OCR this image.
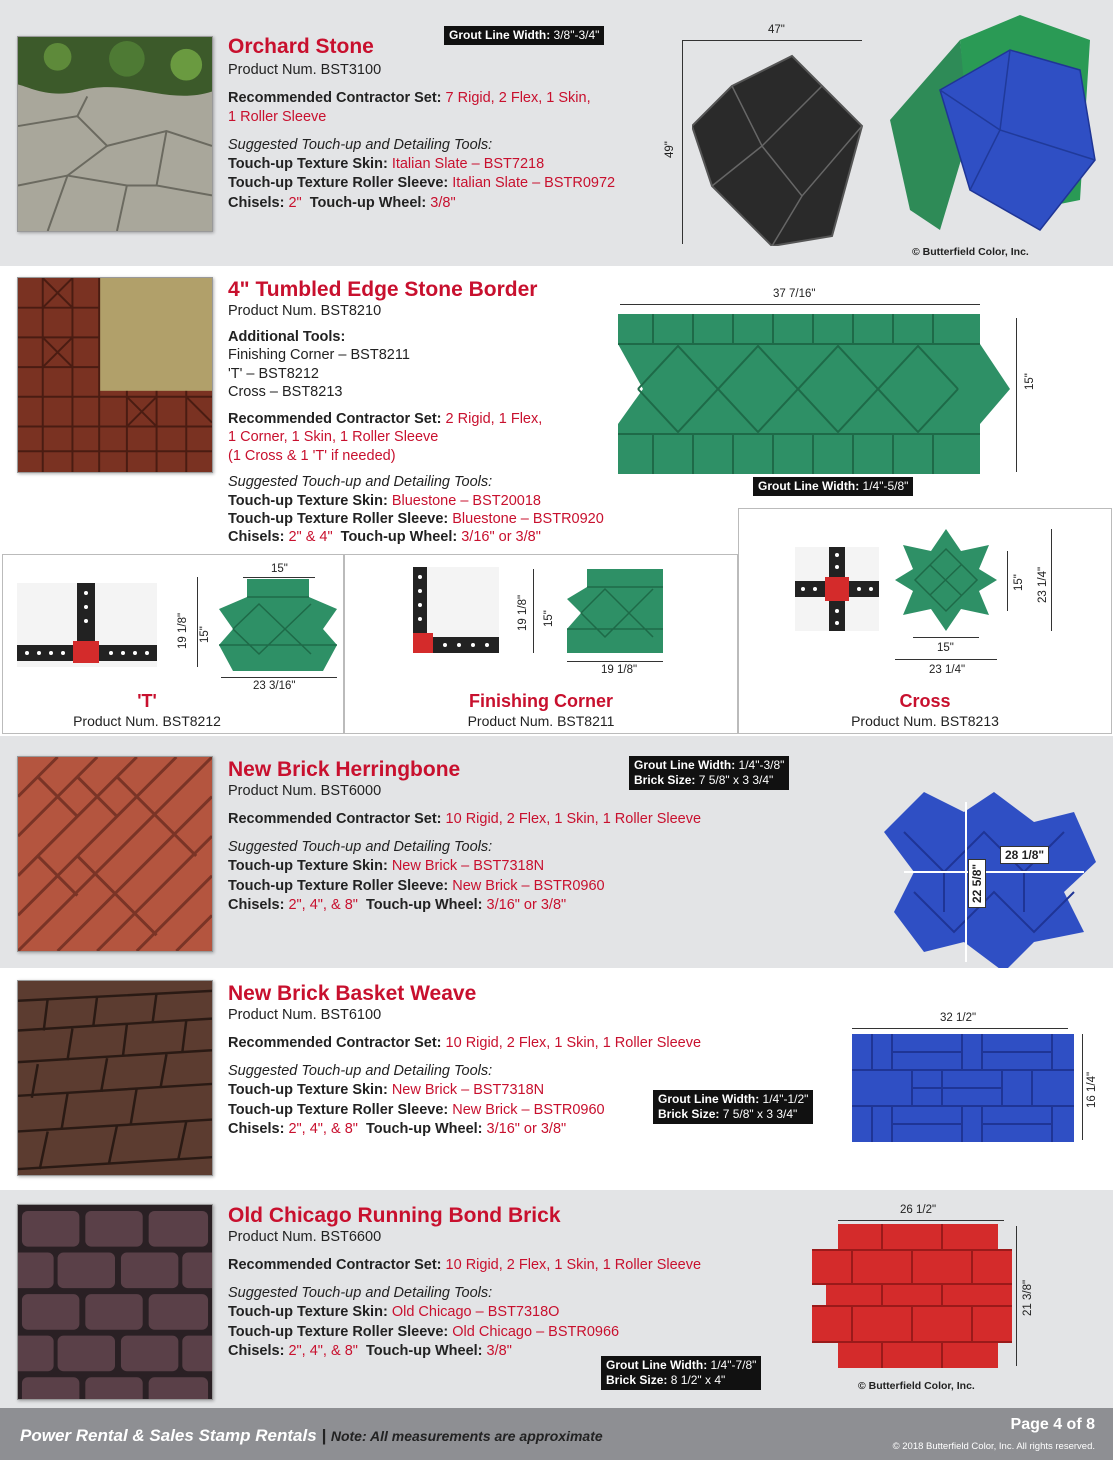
Orchard Stone
Product Num. BST3100
Recommended Contractor Set: 7 Rigid, 2 Flex, 1 Skin,
1 Roller Sleeve
Suggested Touch-up and Detailing Tools:
Touch-up Texture Skin: Italian Slate – BST7218
Touch-up Texture Roller Sleeve: Italian Slate – BSTR0972
Chisels: 2" Touch-up Wheel: 3/8"
Grout Line Width: 3/8"-3/4"	47"
49"
© Butterfield Color, Inc.
4" Tumbled Edge Stone Border
Product Num. BST8210
Additional Tools:
Finishing Corner – BST8211
'T' – BST8212
Cross – BST8213
Recommended Contractor Set: 2 Rigid, 1 Flex,
1 Corner, 1 Skin, 1 Roller Sleeve
(1 Cross & 1 'T' if needed)
Suggested Touch-up and Detailing Tools:
Touch-up Texture Skin: Bluestone – BST20018
Touch-up Texture Roller Sleeve: Bluestone – BSTR0920
Chisels: 2" & 4" Touch-up Wheel: 3/16" or 3/8"
37 7/16"
15"
Grout Line Width: 1/4"-5/8"
15"
19 1/8" 15"
23 3/16"
'T'
Product Num. BST8212
19 1/8" 15"
19 1/8"
Finishing Corner
Product Num. BST8211
15" 23 1/4"
15"
23 1/4"
Cross
Product Num. BST8213
New Brick Herringbone
Product Num. BST6000
Recommended Contractor Set: 10 Rigid, 2 Flex, 1 Skin, 1 Roller Sleeve
Suggested Touch-up and Detailing Tools:
Touch-up Texture Skin: New Brick – BST7318N
Touch-up Texture Roller Sleeve: New Brick – BSTR0960
Chisels: 2", 4", & 8" Touch-up Wheel: 3/16" or 3/8"
Grout Line Width: 1/4"-3/8"
Brick Size: 7 5/8" x 3 3/4"
28 1/8"
22 5/8"
New Brick Basket Weave
Product Num. BST6100
Recommended Contractor Set: 10 Rigid, 2 Flex, 1 Skin, 1 Roller Sleeve
Suggested Touch-up and Detailing Tools:
Touch-up Texture Skin: New Brick – BST7318N
Touch-up Texture Roller Sleeve: New Brick – BSTR0960
Chisels: 2", 4", & 8" Touch-up Wheel: 3/16" or 3/8"
Grout Line Width: 1/4"-1/2"
Brick Size: 7 5/8" x 3 3/4"
32 1/2"
16 1/4"
Old Chicago Running Bond Brick
Product Num. BST6600
Recommended Contractor Set: 10 Rigid, 2 Flex, 1 Skin, 1 Roller Sleeve
Suggested Touch-up and Detailing Tools:
Touch-up Texture Skin: Old Chicago – BST7318O
Touch-up Texture Roller Sleeve: Old Chicago – BSTR0966
Chisels: 2", 4", & 8" Touch-up Wheel: 3/8"
Grout Line Width: 1/4"-7/8"
Brick Size: 8 1/2" x 4"
26 1/2"
21 3/8"
© Butterfield Color, Inc.
Power Rental & Sales Stamp Rentals | Note: All measurements are approximate
Page 4 of 8
© 2018 Butterfield Color, Inc. All rights reserved.
